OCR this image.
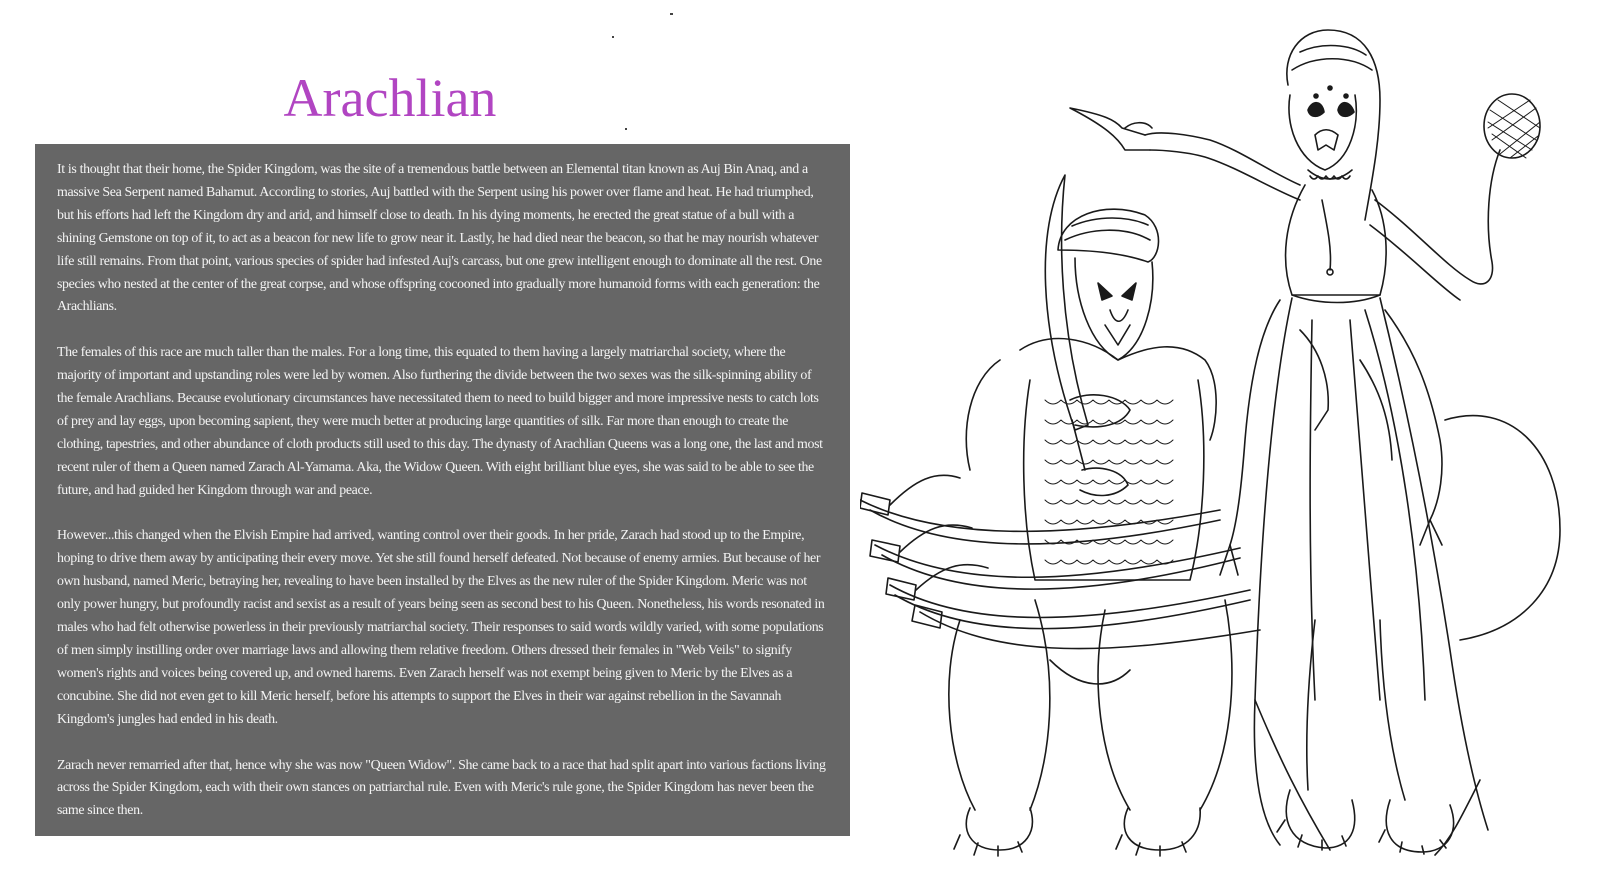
Arachlian

It is thought that their home, the Spider Kingdom, was the site of a tremendous battle between an Elemental titan known as Auj Bin Anaq, and a massive Sea Serpent named Bahamut. According to stories, Auj battled with the Serpent using his power over flame and heat. He had triumphed, but his efforts had left the Kingdom dry and arid, and himself close to death. In his dying moments, he erected the great statue of a bull with a shining Gemstone on top of it, to act as a beacon for new life to grow near it. Lastly, he had died near the beacon, so that he may nourish whatever life still remains. From that point, various species of spider had infested Auj's carcass, but one grew intelligent enough to dominate all the rest. One species who nested at the center of the great corpse, and whose offspring cocooned into gradually more humanoid forms with each generation: the Arachlians.

The females of this race are much taller than the males. For a long time, this equated to them having a largely matriarchal society, where the majority of important and upstanding roles were led by women. Also furthering the divide between the two sexes was the silk-spinning ability of the female Arachlians. Because evolutionary circumstances have necessitated them to need to build bigger and more impressive nests to catch lots of prey and lay eggs, upon becoming sapient, they were much better at producing large quantities of silk. Far more than enough to create the clothing, tapestries, and other abundance of cloth products still used to this day. The dynasty of Arachlian Queens was a long one, the last and most recent ruler of them a Queen named Zarach Al-Yamama. Aka, the Widow Queen. With eight brilliant blue eyes, she was said to be able to see the future, and had guided her Kingdom through war and peace.

However...this changed when the Elvish Empire had arrived, wanting control over their goods. In her pride, Zarach had stood up to the Empire, hoping to drive them away by anticipating their every move. Yet she still found herself defeated. Not because of enemy armies. But because of her own husband, named Meric, betraying her, revealing to have been installed by the Elves as the new ruler of the Spider Kingdom. Meric was not only power hungry, but profoundly racist and sexist as a result of years being seen as second best to his Queen. Nonetheless, his words resonated in males who had felt otherwise powerless in their previously matriarchal society. Their responses to said words wildly varied, with some populations of men simply instilling order over marriage laws and allowing them relative freedom. Others dressed their females in "Web Veils" to signify women's rights and voices being covered up, and owned harems. Even Zarach herself was not exempt being given to Meric by the Elves as a concubine. She did not even get to kill Meric herself, before his attempts to support the Elves in their war against rebellion in the Savannah Kingdom's jungles had ended in his death.

Zarach never remarried after that, hence why she was now "Queen Widow". She came back to a race that had split apart into various factions living across the Spider Kingdom, each with their own stances on patriarchal rule. Even with Meric's rule gone, the Spider Kingdom has never been the same since then.
